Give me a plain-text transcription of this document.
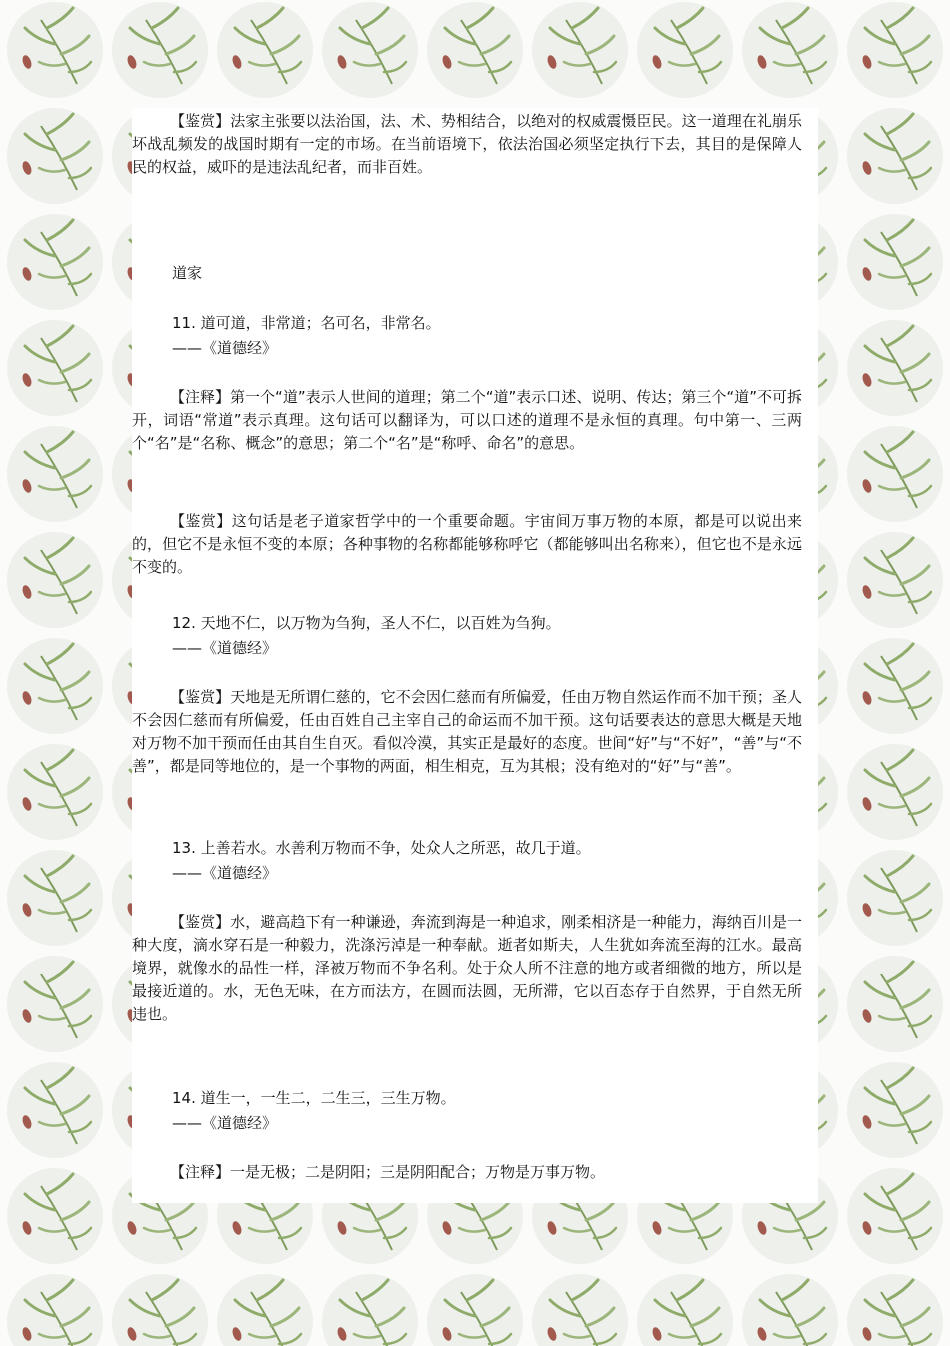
【鉴赏】法家主张要以法治国，法、术、势相结合，以绝对的权威震慑臣民。这一道理在礼崩乐坏战乱频发的战国时期有一定的市场。在当前语境下，依法治国必须坚定执行下去，其目的是保障人民的权益，威吓的是违法乱纪者，而非百姓。
道家
11. 道可道，非常道；名可名，非常名。
——《道德经》
【注释】第一个“道”表示人世间的道理；第二个“道”表示口述、说明、传达；第三个“道”不可拆开，词语“常道”表示真理。这句话可以翻译为，可以口述的道理不是永恒的真理。句中第一、三两个“名”是“名称、概念”的意思；第二个“名”是“称呼、命名”的意思。
【鉴赏】这句话是老子道家哲学中的一个重要命题。宇宙间万事万物的本原，都是可以说出来的，但它不是永恒不变的本原；各种事物的名称都能够称呼它（都能够叫出名称来），但它也不是永远不变的。
12. 天地不仁，以万物为刍狗，圣人不仁，以百姓为刍狗。
——《道德经》
【鉴赏】天地是无所谓仁慈的，它不会因仁慈而有所偏爱，任由万物自然运作而不加干预；圣人不会因仁慈而有所偏爱，任由百姓自己主宰自己的命运而不加干预。这句话要表达的意思大概是天地对万物不加干预而任由其自生自灭。看似冷漠，其实正是最好的态度。世间“好”与“不好”，“善”与“不善”，都是同等地位的，是一个事物的两面，相生相克，互为其根；没有绝对的“好”与“善”。
13. 上善若水。水善利万物而不争，处众人之所恶，故几于道。
——《道德经》
【鉴赏】水，避高趋下有一种谦逊，奔流到海是一种追求，刚柔相济是一种能力，海纳百川是一种大度，滴水穿石是一种毅力，洗涤污淖是一种奉献。逝者如斯夫，人生犹如奔流至海的江水。最高境界，就像水的品性一样，泽被万物而不争名利。处于众人所不注意的地方或者细微的地方，所以是最接近道的。水，无色无味，在方而法方，在圆而法圆，无所滞，它以百态存于自然界，于自然无所违也。
14. 道生一，一生二，二生三，三生万物。
——《道德经》
【注释】一是无极；二是阴阳；三是阴阳配合；万物是万事万物。
